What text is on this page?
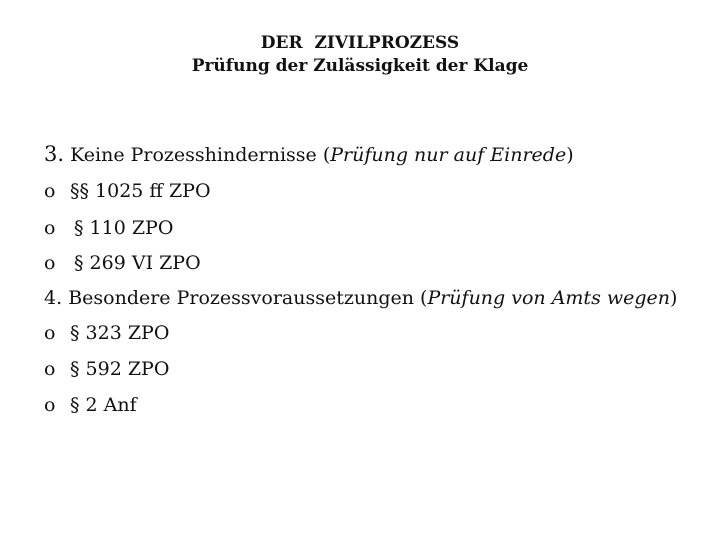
DER  ZIVILPROZESS
Prüfung der Zulässigkeit der Klage
3. Keine Prozesshindernisse (Prüfung nur auf Einrede)
o §§ 1025 ff ZPO
o § 110 ZPO
o § 269 VI ZPO
4. Besondere Prozessvoraussetzungen (Prüfung von Amts wegen)
o § 323 ZPO
o § 592 ZPO
o § 2 Anf
